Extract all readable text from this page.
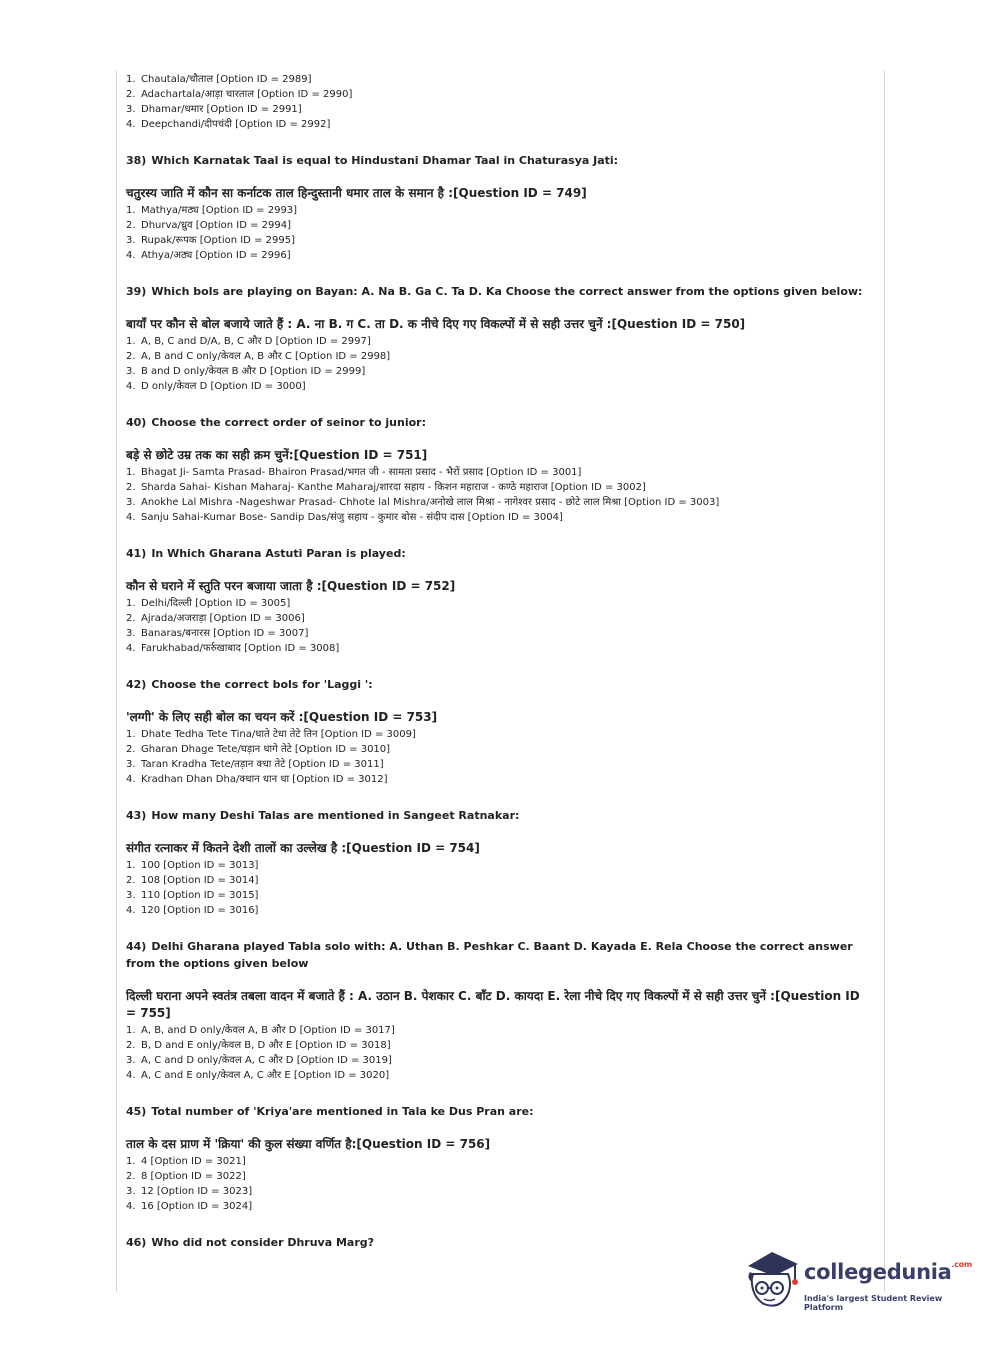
1. Chautala/चौताल [Option ID = 2989]
2. Adachartala/आड़ा चारताल [Option ID = 2990]
3. Dhamar/धमार [Option ID = 2991]
4. Deepchandi/दीपचंदी [Option ID = 2992]
38) Which Karnatak Taal is equal to Hindustani Dhamar Taal in Chaturasya Jati:
चतुरस्य जाति में कौन सा कर्नाटक ताल हिन्दुस्तानी धमार ताल के समान है :[Question ID = 749]
1. Mathya/मठ्य [Option ID = 2993]
2. Dhurva/ध्रुव [Option ID = 2994]
3. Rupak/रूपक [Option ID = 2995]
4. Athya/अठ्य [Option ID = 2996]
39) Which bols are playing on Bayan: A. Na B. Ga C. Ta D. Ka Choose the correct answer from the options given below:
बायाँ पर कौन से बोल बजाये जाते हैं : A. ना B. ग C. ता D. क नीचे दिए गए विकल्पों में से सही उत्तर चुनें :[Question ID = 750]
1. A, B, C and D/A, B, C और D [Option ID = 2997]
2. A, B and C only/केवल A, B और C [Option ID = 2998]
3. B and D only/केवल B और D [Option ID = 2999]
4. D only/केवल D [Option ID = 3000]
40) Choose the correct order of seinor to junior:
बड़े से छोटे उम्र तक का सही क्रम चुनें:[Question ID = 751]
1. Bhagat Ji- Samta Prasad- Bhairon Prasad/भगत जी - सामता प्रसाद - भैरों प्रसाद [Option ID = 3001]
2. Sharda Sahai- Kishan Maharaj- Kanthe Maharaj/शारदा सहाय - किशन महाराज - कण्ठे महाराज [Option ID = 3002]
3. Anokhe Lal Mishra -Nageshwar Prasad- Chhote lal Mishra/अनोखे लाल मिश्रा - नागेश्वर प्रसाद - छोटे लाल मिश्रा [Option ID = 3003]
4. Sanju Sahai-Kumar Bose- Sandip Das/संजु सहाय - कुमार बोस - संदीप दास [Option ID = 3004]
41) In Which Gharana Astuti Paran is played:
कौन से घराने में स्तुति परन बजाया जाता है :[Question ID = 752]
1. Delhi/दिल्ली [Option ID = 3005]
2. Ajrada/अजराड़ा [Option ID = 3006]
3. Banaras/बनारस [Option ID = 3007]
4. Farukhabad/फर्रुखाबाद [Option ID = 3008]
42) Choose the correct bols for 'Laggi ':
'लग्गी' के लिए सही बोल का चयन करें :[Question ID = 753]
1. Dhate Tedha Tete Tina/धाते टेधा तेटे तिन [Option ID = 3009]
2. Gharan Dhage Tete/घड़ान धागे तेटे [Option ID = 3010]
3. Taran Kradha Tete/तड़ान क्धा तेटे [Option ID = 3011]
4. Kradhan Dhan Dha/क्धान धान धा [Option ID = 3012]
43) How many Deshi Talas are mentioned in Sangeet Ratnakar:
संगीत रत्नाकर में कितने देशी तालों का उल्लेख है :[Question ID = 754]
1. 100 [Option ID = 3013]
2. 108 [Option ID = 3014]
3. 110 [Option ID = 3015]
4. 120 [Option ID = 3016]
44) Delhi Gharana played Tabla solo with: A. Uthan B. Peshkar C. Baant D. Kayada E. Rela Choose the correct answer from the options given below
दिल्ली घराना अपने स्वतंत्र तबला वादन में बजाते हैं : A. उठान B. पेशकार C. बाँट D. कायदा E. रेला नीचे दिए गए विकल्पों में से सही उत्तर चुनें :[Question ID = 755]
1. A, B, and D only/केवल A, B और D [Option ID = 3017]
2. B, D and E only/केवल B, D और E [Option ID = 3018]
3. A, C and D only/केवल A, C और D [Option ID = 3019]
4. A, C and E only/केवल A, C और E [Option ID = 3020]
45) Total number of 'Kriya'are mentioned in Tala ke Dus Pran are:
ताल के दस प्राण में 'क्रिया' की कुल संख्या वर्णित है:[Question ID = 756]
1. 4 [Option ID = 3021]
2. 8 [Option ID = 3022]
3. 12 [Option ID = 3023]
4. 16 [Option ID = 3024]
46) Who did not consider Dhruva Marg?
collegedunia$^{.com}$
India's largest Student Review Platform
